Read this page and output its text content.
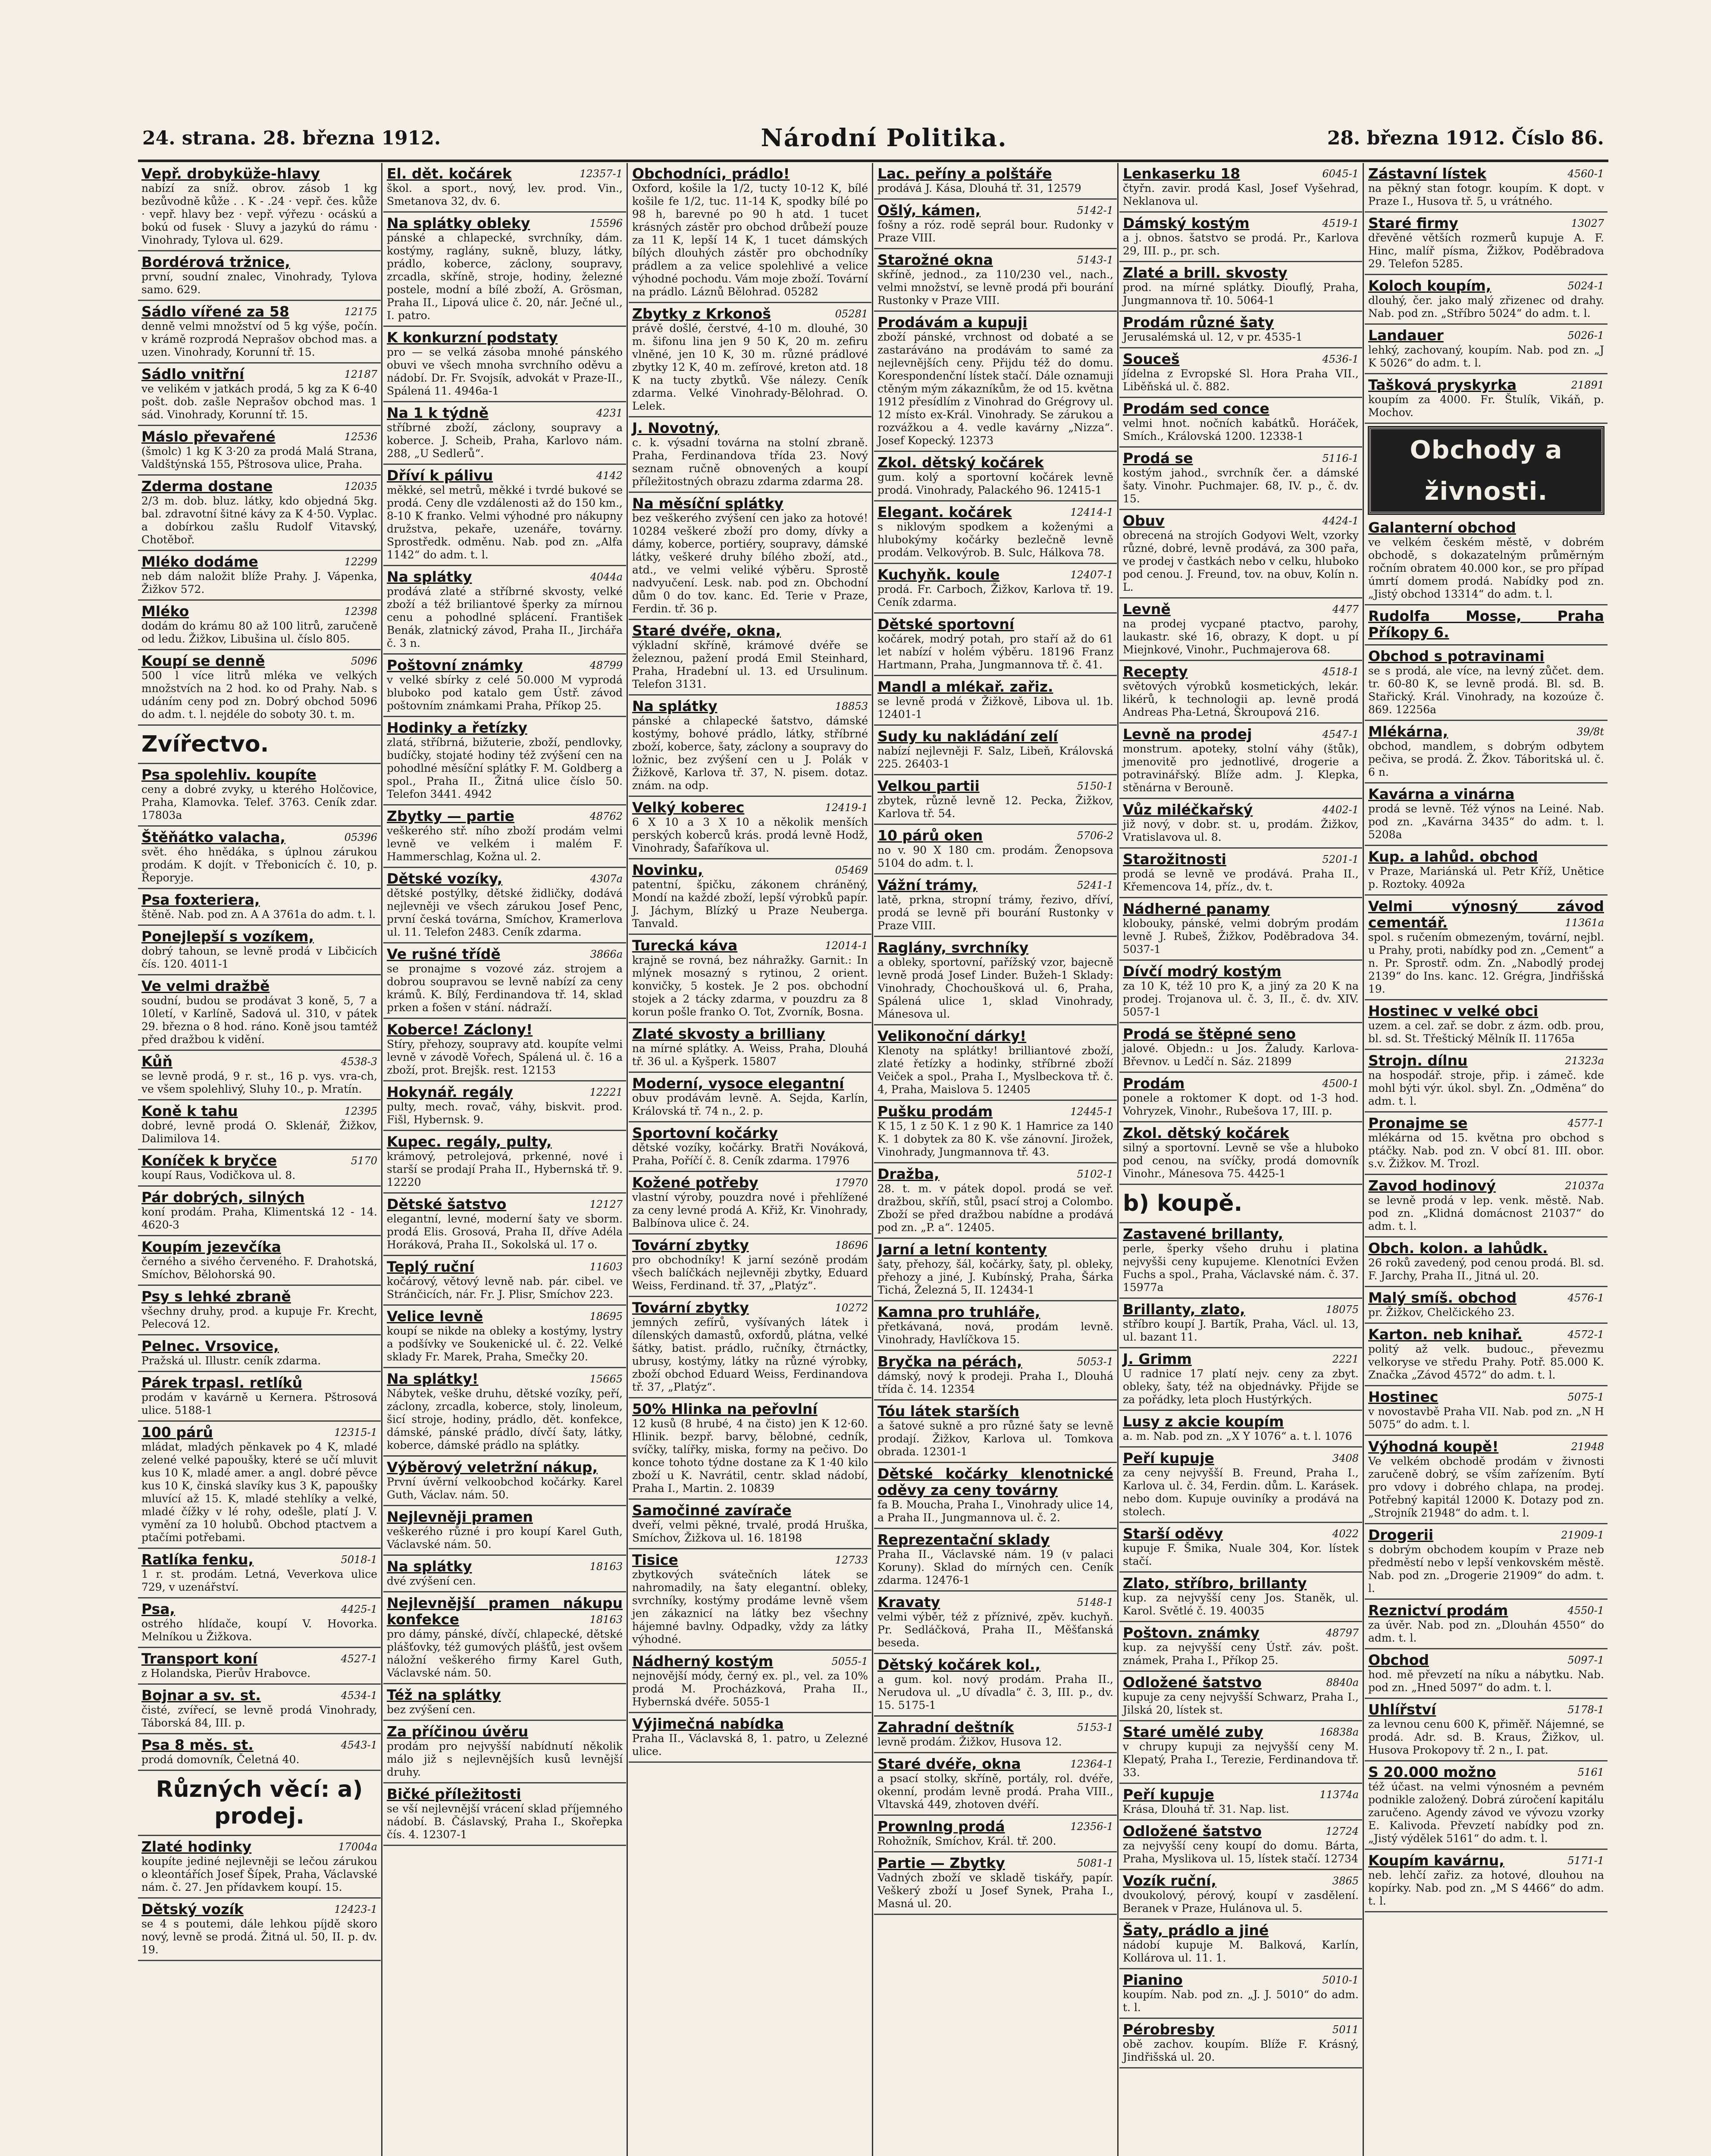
24. strana. 28. března 1912.	Národní Politika.	28. března 1912. Číslo 86.
Vepř. drobyküže-hlavy
nabízí za sníž. obrov. zásob 1 kg bezůvodně kůže . . K - .24 · vepř. čes. kůže · vepř. hlavy bez · vepř. výřezu · ocáskú a bokú od fusek · Sluvy a jazykú do rámu · Vinohrady, Tylova ul. 629.
Bordérová tržnice,
první, soudní znalec, Vinohrady, Tylova samo. 629.
Sádlo vířené za 58	12175
denně velmi množství od 5 kg výše, počín. v krámě rozprodá Neprašov obchod mas. a uzen. Vinohrady, Korunní tř. 15.
Sádlo vnitřní	12187
ve velikém v jatkách prodá, 5 kg za K 6-40 pošt. dob. zašle Neprašov obchod mas. 1 sád. Vinohrady, Korunní tř. 15.
Máslo převařené	12536
(šmolc) 1 kg K 3·20 za prodá Malá Strana, Valdštýnská 155, Pštrosova ulice, Praha.
Zderma dostane	12035
2/3 m. dob. bluz. látky, kdo objedná 5kg. bal. zdravotní šitné kávy za K 4·50. Vyplac. a dobírkou zašlu Rudolf Vitavský, Chotěboř.
Mléko dodáme	12299
neb dám naložit blíže Prahy. J. Vápenka, Žižkov 572.
Mléko	12398
dodám do krámu 80 až 100 litrů, zaručeně od ledu. Žižkov, Libušina ul. číslo 805.
Koupí se denně	5096
500 l více litrů mléka ve velkých množstvích na 2 hod. ko od Prahy. Nab. s udáním ceny pod zn. Dobrý obchod 5096 do adm. t. l. nejdéle do soboty 30. t. m.
Zvířectvo.
Psa spolehliv. koupíte
ceny a dobré zvyky, u kterého Holčovice, Praha, Klamovka. Telef. 3763. Ceník zdar. 17803a
Štěňátko valacha,	05396
svět. ého hnědáka, s úplnou zárukou prodám. K dojít. v Třebonicích č. 10, p. Řeporyje.
Psa foxteriera,
štěně. Nab. pod zn. A A 3761a do adm. t. l.
Ponejlepší s vozíkem,
dobrý tahoun, se levně prodá v Libčicích čís. 120. 4011-1
Ve velmi dražbě
soudní, budou se prodávat 3 koně, 5, 7 a 10letí, v Karlíně, Sadová ul. 310, v pátek 29. března o 8 hod. ráno. Koně jsou tamtéž před dražbou k vidění.
Kůň	4538-3
se levně prodá, 9 r. st., 16 p. vys. vra-ch, ve všem spolehlivý, Sluhy 10., p. Mratín.
Koně k tahu	12395
dobré, levně prodá O. Sklenář, Žižkov, Dalimilova 14.
Koníček k bryčce	5170
koupí Raus, Vodičkova ul. 8.
Pár dobrých, silných
koní prodám. Praha, Klimentská 12 - 14. 4620-3
Koupím jezevčíka
černého a sivého červeného. F. Drahotská, Smíchov, Bělohorská 90.
Psy s lehké zbraně
všechny druhy, prod. a kupuje Fr. Krecht, Pelecová 12.
Pelnec. Vrsovice,
Pražská ul. Illustr. ceník zdarma.
Párek trpasl. retlíků
prodám v kavárně u Kernera. Pštrosová ulice. 5188-1
100 párů	12315-1
mládat, mladých pěnkavek po 4 K, mladé zelené velké papoušky, které se učí mluvit kus 10 K, mladé amer. a angl. dobré pěvce kus 10 K, činská slavíky kus 3 K, papoušky mluvící až 15. K, mladé stehlíky a velké, mladé čížky v lé rohy, odešle, platí J. V. vymění za 10 holubů. Obchod ptactvem a ptačími potřebami.
Ratlíka fenku,	5018-1
1 r. st. prodám. Letná, Veverkova ulice 729, v uzenářství.
Psa,	4425-1
ostrého hlídače, koupí V. Hovorka. Melníkou u Žižkova.
Transport koní	4527-1
z Holandska, Pierův Hrabovce.
Bojnar a sv. st.	4534-1
čisté, zvířecí, se levně prodá Vinohrady, Táborská 84, III. p.
Psa 8 měs. st.	4543-1
prodá domovník, Čeletná 40.
Různých věcí: a) prodej.
Zlaté hodinky	17004a
koupíte jediné nejlevněji se lečou zárukou o kleontářích Josef Šípek, Praha, Václavské nám. č. 27. Jen přídavkem koupí. 15.
Dětský vozík	12423-1
se 4 s poutemi, dále lehkou píjdě skoro nový, levně se prodá. Žitná ul. 50, II. p. dv. 19.
El. dět. kočárek	12357-1
škol. a sport., nový, lev. prod. Vin., Smetanova 32, dv. 6.
Na splátky obleky	15596
pánské a chlapecké, svrchníky, dám. kostýmy, raglány, sukně, bluzy, látky, prádlo, koberce, záclony, soupravy, zrcadla, skříně, stroje, hodiny, železné postele, modní a bílé zboží, A. Grösman, Praha II., Lipová ulice č. 20, nár. Ječné ul., I. patro.
K konkurzní podstaty
pro — se velká zásoba mnohé pánského obuvi ve všech mnoha svrchního oděvu a nádobí. Dr. Fr. Svojsík, advokát v Praze-II., Spálená 11. 4946a-1
Na 1 k týdně	4231
stříbrné zboží, záclony, soupravy a koberce. J. Scheib, Praha, Karlovo nám. 288, „U Sedlerů“.
Dříví k pálivu	4142
měkké, sel metrů, měkké i tvrdé bukové se prodá. Ceny dle vzdálenosti až do 150 km., 8-10 K franko. Velmi výhodné pro nákupny družstva, pekaře, uzenáře, továrny. Sprostředk. odměnu. Nab. pod zn. „Alfa 1142“ do adm. t. l.
Na splátky	4044a
prodává zlaté a stříbrné skvosty, velké zboží a též briliantové šperky za mírnou cenu a pohodlné splácení. František Benák, zlatnický závod, Praha II., Jirchářa č. 3 n.
Poštovní známky	48799
v velké sbírky z celé 50.000 M vyprodá bluboko pod katalo gem Ústř. závod poštovním známkami Praha, Příkop 25.
Hodinky a řetízky
zlatá, stříbrná, bižuterie, zboží, pendlovky, budíčky, stojaté hodiny též zvýšení cen na pohodlné měsíční splátky F. M. Goldberg a spol., Praha II., Žitná ulice číslo 50. Telefon 3441. 4942
Zbytky — partie	48762
veškerého stř. ního zboží prodám velmi levně ve velkém i malém F. Hammerschlag, Kožna ul. 2.
Dětské vozíky,	4307a
dětské postýlky, dětské židličky, dodává nejlevněji ve všech zárukou Josef Penc, první česká továrna, Smíchov, Kramerlova ul. 11. Telefon 2483. Ceník zdarma.
Ve rušné třídě	3866a
se pronajme s vozové záz. strojem a dobrou soupravou se levně nabízí za ceny krámů. K. Bílý, Ferdinandova tř. 14, sklad prken a fošen v stání. nádraží.
Koberce! Záclony!
Stíry, přehozy, soupravy atd. koupíte velmi levně v závodě Vořech, Spálená ul. č. 16 a zboží, prot. Brejšk. rest. 12153
Hokynář. regály	12221
pulty, mech. rovač, váhy, biskvit. prod. Fišl, Hybernsk. 9.
Kupec. regály, pulty,
krámový, petrolejová, prkenné, nové i starší se prodají Praha II., Hybernská tř. 9. 12220
Dětské šatstvo	12127
elegantní, levné, moderní šaty ve sborm. prodá Elis. Grosová, Praha II, dříve Adéla Horáková, Praha II., Sokolská ul. 17 o.
Teplý ruční	11603
kočárový, větový levně nab. pár. cibel. ve Stránčicích, nár. Fr. J. Plisr, Smíchov 223.
Velice levně	18695
koupí se nikde na obleky a kostýmy, lystry a podšívky ve Soukenické ul. č. 22. Velké sklady Fr. Marek, Praha, Smečky 20.
Na splátky!	15665
Nábytek, veške druhu, dětské vozíky, peří, záclony, zrcadla, koberce, stoly, linoleum, šicí stroje, hodiny, prádlo, dět. konfekce, dámské, pánské prádlo, dívčí šaty, látky, koberce, dámské prádlo na splátky.
Výběrový veletržní nákup,
První úvěrní velkoobchod kočárky. Karel Guth, Václav. nám. 50.
Nejlevněji pramen
veškerého různé i pro koupí Karel Guth, Václavské nám. 50.
Na splátky	18163
dvé zvýšení cen.
Nejlevnější pramen nákupu konfekce	18163
pro dámy, pánské, dívčí, chlapecké, dětské plášťovky, též gumových plášťů, jest ovšem náložní veškerého firmy Karel Guth, Václavské nám. 50.
Též na splátky
bez zvýšení cen.
Za příčinou úvěru
prodám pro nejvyšší nabídnutí několik málo již s nejlevnějších kusů levnější druhy.
Bičké příležitosti
se vší nejlevnější vrácení sklad příjemného nádobí. B. Čáslavský, Praha I., Skořepka čís. 4. 12307-1
Obchodníci, prádlo!
Oxford, košile la 1/2, tucty 10-12 K, bílé košile fe 1/2, tuc. 11-14 K, spodky bílé po 98 h, barevné po 90 h atd. 1 tucet krásných zástěr pro obchod drůbeží pouze za 11 K, lepší 14 K, 1 tucet dámských bílých dlouhých zástěr pro obchodníky prádlem a za velice spolehlivé a velice výhodné pochodu. Vám moje zboží. Tovární na prádlo. Láznů Bělohrad. 05282
Zbytky z Krkonoš	05281
právě došlé, čerstvé, 4-10 m. dlouhé, 30 m. šifonu lina jen 9 50 K, 20 m. zefiru vlněné, jen 10 K, 30 m. různé prádlové zbytky 12 K, 40 m. zefírové, kreton atd. 18 K na tucty zbytků. Vše nálezy. Ceník zdarma. Velké Vinohrady-Bělohrad. O. Lelek.
J. Novotný,
c. k. výsadní továrna na stolní zbraně. Praha, Ferdinandova třída 23. Nový seznam ručně obnovených a koupí příležitostných obrazu zdarma zdarma 28.
Na měsíční splátky
bez veškerého zvýšení cen jako za hotové! 10284 veškeré zboží pro domy, dívky a dámy, koberce, portiéry, soupravy, dámské látky, veškeré druhy bílého zboží, atd., atd., ve velmi veliké výběru. Sprostě nadvyučení. Lesk. nab. pod zn. Obchodní dům 0 do tov. kanc. Ed. Terie v Praze, Ferdin. tř. 36 p.
Staré dvéře, okna,
výkladní skříně, krámové dvéře se železnou, pažení prodá Emil Steinhard, Praha, Hradební ul. 13. ed Ursulinum. Telefon 3131.
Na splátky	18853
pánské a chlapecké šatstvo, dámské kostýmy, bohové prádlo, látky, stříbrné zboží, koberce, šaty, záclony a soupravy do ložnic, bez zvýšení cen u J. Polák v Žižkově, Karlova tř. 37, N. pisem. dotaz. znám. na odp.
Velký koberec	12419-1
6 X 10 a 3 X 10 a několik menších perských koberců krás. prodá levně Hodž, Vinohrady, Šafaříkova ul.
Novinku,	05469
patentní, špičku, zákonem chráněný, Mondí na každé zboží, lepší výrobků papír. J. Jáchym, Blízký u Praze Neuberga. Tanvald.
Turecká káva	12014-1
krajně se rovná, bez náhražky. Garnit.: In mlýnek mosazný s rytinou, 2 orient. konvičky, 5 kostek. Je 2 pos. obchodní stojek a 2 tácky zdarma, v pouzdru za 8 korun pošle franko O. Tot, Zvorník, Bosna.
Zlaté skvosty a brilliany
na mírné splátky. A. Weiss, Praha, Dlouhá tř. 36 ul. a Kyšperk. 15807
Moderní, vysoce elegantní
obuv prodávám levně. A. Sejda, Karlín, Královská tř. 74 n., 2. p.
Sportovní kočárky
dětské vozíky, kočárky. Bratři Nováková, Praha, Poříčí č. 8. Ceník zdarma. 17976
Kožené potřeby	17970
vlastní výroby, pouzdra nové i přehlížené za ceny levné prodá A. Křiž, Kr. Vinohrady, Balbínova ulice č. 24.
Tovární zbytky	18696
pro obchodníky! K jarní sezóně prodám všech balíčkách nejlevněji zbytky, Eduard Weiss, Ferdinand. tř. 37, „Platýz“.
Tovární zbytky	10272
jemných zefírů, vyšívaných látek i dílenských damastů, oxfordů, plátna, velké šátky, batist. prádlo, ručníky, čtrnáctky, ubrusy, kostýmy, látky na různé výrobky, zboží obchod Eduard Weiss, Ferdinandova tř. 37, „Platýz“.
50% Hlinka na peřovlní
12 kusů (8 hrubé, 4 na čisto) jen K 12·60. Hlinik. bezpř. barvy, bělobné, cedník, svíčky, talířky, miska, formy na pečivo. Do konce tohoto týdne dostane za K 1·40 kilo zboží u K. Navrátil, centr. sklad nádobí, Praha I., Martin. 2. 10839
Samočinné zavírače
dveří, velmi pěkné, trvalé, prodá Hruška, Smíchov, Žižkova ul. 16. 18198
Tisice	12733
zbytkových svátečních látek se nahromadily, na šaty elegantní. obleky, svrchníky, kostýmy prodáme levně všem jen zákaznicí na látky bez všechny hájemné bavlny. Odpadky, vždy za látky výhodné.
Nádherný kostým	5055-1
nejnovější módy, černý ex. pl., vel. za 10% prodá M. Procházková, Praha II., Hybernská dvéře. 5055-1
Výjimečná nabídka
Praha II., Václavská 8, 1. patro, u Zelezné ulice.
Lac. peříny a polštáře
prodává J. Kása, Dlouhá tř. 31, 12579
Ošlý, kámen,	5142-1
fošny a róz. rodě seprál bour. Rudonky v Praze VIII.
Starožné okna	5143-1
skříně, jednod., za 110/230 vel., nach., velmi množství, se levně prodá při bourání Rustonky v Praze VIII.
Prodávám a kupuji
zboží pánské, vrchnost od dobaté a se zastaráváno na prodávám to samé za nejlevnějších ceny. Přijdu též do domu. Korespondenční lístek stačí. Dále oznamuji ctěným mým zákazníkům, že od 15. května 1912 přesídlím z Vinohrad do Grégrovy ul. 12 místo ex-Král. Vinohrady. Se zárukou a rozvážkou a 4. vedle kavárny „Nizza“. Josef Kopecký. 12373
Zkol. dětský kočárek
gum. kolý a sportovní kočárek levně prodá. Vinohrady, Palackého 96. 12415-1
Elegant. kočárek	12414-1
s niklovým spodkem a koženými a hlubokýmy kočárky bezlečně levně prodám. Velkovýrob. B. Sulc, Hálkova 78.
Kuchyňk. koule	12407-1
prodá. Fr. Carboch, Žižkov, Karlova tř. 19. Ceník zdarma.
Dětské sportovní
kočárek, modrý potah, pro staří až do 61 let nabízí v holém výběru. 18196 Franz Hartmann, Praha, Jungmannova tř. č. 41.
Mandl a mlékař. zařiz.
se levně prodá v Žižkově, Libova ul. 1b. 12401-1
Sudy ku nakládání zelí
nabízí nejlevněji F. Salz, Libeň, Královská 225. 26403-1
Velkou partii	5150-1
zbytek, různě levně 12. Pecka, Žižkov, Karlova tř. 54.
10 párů oken	5706-2
no v. 90 X 180 cm. prodám. Ženopsova 5104 do adm. t. l.
Vážní trámy,	5241-1
latě, prkna, stropní trámy, řezivo, dříví, prodá se levně při bourání Rustonky v Praze VIII.
Raglány, svrchníky
a obleky, sportovní, pařížský vzor, bajecně levně prodá Josef Linder. Bužeh-1 Sklady: Vinohrady, Chochoušková ul. 6, Praha, Spálená ulice 1, sklad Vinohrady, Mánesova ul.
Velikonoční dárky!
Klenoty na splátky! brilliantové zboží, zlaté řetízky a hodinky, stříbrné zboží Veiček a spol., Praha I., Myslbeckova tř. č. 4, Praha, Maislova 5. 12405
Pušku prodám	12445-1
K 15, 1 z 50 K. 1 z 90 K. 1 Hamrice za 140 K. 1 dobytek za 80 K. vše zánovní. Jirožek, Vinohrady, Jungmannova tř. 43.
Dražba,	5102-1
28. t. m. v pátek dopol. prodá se veř. dražbou, skříň, stůl, psací stroj a Colombo. Zboží se před dražbou nabídne a prodává pod zn. „P. a“. 12405.
Jarní a letní kontenty
šaty, přehozy, šál, kočárky, šaty, pl. obleky, přehozy a jiné, J. Kubínský, Praha, Šárka Tichá, Železná 5, II. 12434-1
Kamna pro truhláře,
přetkávaná, nová, prodám levně. Vinohrady, Havlíčkova 15.
Bryčka na pérách,	5053-1
dámský, nový k prodeji. Praha I., Dlouhá třída č. 14. 12354
Tóu látek starších
a šatové sukně a pro různé šaty se levně prodají. Žižkov, Karlova ul. Tomkova obrada. 12301-1
Dětské kočárky klenotnické oděvy za ceny továrny
fa B. Moucha, Praha I., Vinohrady ulice 14, a Praha II., Jungmannova ul. č. 2.
Reprezentační sklady
Praha II., Václavské nám. 19 (v palaci Koruny). Sklad do mírných cen. Ceník zdarma. 12476-1
Kravaty	5148-1
velmi výběr, též z příznivé, zpěv. kuchyň. Pr. Sedláčková, Praha II., Měšťanská beseda.
Dětský kočárek kol.,
a gum. kol. nový prodám. Praha II., Nerudova ul. „U dívadla“ č. 3, III. p., dv. 15. 5175-1
Zahradní deštník	5153-1
levně prodám. Žižkov, Husova 12.
Staré dvéře, okna	12364-1
a psací stolky, skříně, portály, rol. dvéře, okenní, prodám levně prodá. Praha VIII., Vltavská 449, zhotoven dvéří.
Prownlng prodá	12356-1
Rohožník, Smíchov, Král. tř. 200.
Partie — Zbytky	5081-1
Vadných zboží ve skladě tiskářy, papír. Veškerý zboží u Josef Synek, Praha I., Masná ul. 20.
Lenkaserku 18	6045-1
čtyřn. zavir. prodá Kasl, Josef Vyšehrad, Neklanova ul.
Dámský kostým	4519-1
a j. obnos. šatstvo se prodá. Pr., Karlova 29, III. p., pr. sch.
Zlaté a brill. skvosty
prod. na mírné splátky. Diouflý, Praha, Jungmannova tř. 10. 5064-1
Prodám různé šaty
Jerusalémská ul. 12, v pr. 4535-1
Souceš	4536-1
jídelna z Evropské Sl. Hora Praha VII., Liběňská ul. č. 882.
Prodám sed conce
velmi hnot. nočních kabátků. Horáček, Smích., Královská 1200. 12338-1
Prodá se	5116-1
kostým jahod., svrchník čer. a dámské šaty. Vinohr. Puchmajer. 68, IV. p., č. dv. 15.
Obuv	4424-1
obrecená na strojích Godyovi Welt, vzorky různé, dobré, levně prodává, za 300 pařa, ve prodej v častkách nebo v celku, hluboko pod cenou. J. Freund, tov. na obuv, Kolín n. L.
Levně	4477
na prodej vycpané ptactvo, parohy, laukastr. ské 16, obrazy, K dopt. u pí Miejnkové, Vinohr., Puchmajerova 68.
Recepty	4518-1
světových výrobků kosmetických, lekár. likérů, k technologii ap. levně prodá Andreas Pha-Letná, Škroupová 216.
Levně na prodej	4547-1
monstrum. apoteky, stolní váhy (štůk), jmenovitě pro jednotlivé, drogerie a potravinářský. Blíže adm. J. Klepka, stěnárna v Berouně.
Vůz miléčkařský	4402-1
již nový, v dobr. st. u, prodám. Žižkov, Vratislavova ul. 8.
Starožitnosti	5201-1
prodá se levně ve prodává. Praha II., Křemencova 14, příz., dv. t.
Nádherné panamy
klobouky, pánské, velmi dobrým prodám levně J. Rubeš, Žižkov, Poděbradova 34. 5037-1
Dívčí modrý kostým
za 10 K, též 10 pro K, a jiný za 20 K na prodej. Trojanova ul. č. 3, II., č. dv. XIV. 5057-1
Prodá se štěpné seno
jalové. Objedn.: u Jos. Žaludy. Karlova-Břevnov. u Ledčí n. Sáz. 21899
Prodám	4500-1
ponele a roktomer K dopt. od 1-3 hod. Vohryzek, Vinohr., Rubešova 17, III. p.
Zkol. dětský kočárek
silný a sportovní. Levně se vše a hluboko pod cenou, na svíčky, prodá domovník Vinohr., Mánesova 75. 4425-1
b) koupě.
Zastavené brillanty,
perle, šperky všeho druhu i platina nejvyšši ceny kupujeme. Klenotníci Evžen Fuchs a spol., Praha, Václavské nám. č. 37. 15977a
Brillanty, zlato,	18075
stříbro koupí J. Bartík, Praha, Václ. ul. 13, ul. bazant 11.
J. Grimm	2221
U radnice 17 platí nejv. ceny za zbyt. obleky, šaty, též na objednávky. Přijde se za pořádky, leta ploch Hustýrkých.
Lusy z akcie koupím
a. m. Nab. pod zn. „X Y 1076“ a. t. l. 1076
Peří kupuje	3408
za ceny nejvyšší B. Freund, Praha I., Karlova ul. č. 34, Ferdin. dům. L. Karásek. nebo dom. Kupuje ouviníky a prodává na stolech.
Starší oděvy	4022
kupuje F. Šmika, Nuale 304, Kor. lístek stačí.
Zlato, stříbro, brillanty
kup. za nejvyšší ceny Jos. Staněk, ul. Karol. Světlé č. 19. 40035
Poštovn. známky	48797
kup. za nejvyšší ceny Ústř. záv. pošt. známek, Praha I., Příkop 25.
Odložené šatstvo	8840a
kupuje za ceny nejvyšší Schwarz, Praha I., Jilská 20, lístek st.
Staré umělé zuby	16838a
v chrupy kupuji za nejvyšší ceny M. Klepatý, Praha I., Terezie, Ferdinandova tř. 33.
Peří kupuje	11374a
Krása, Dlouhá tř. 31. Nap. list.
Odložené šatstvo	12724
za nejvyšší ceny koupí do domu. Bárta, Praha, Myslikova ul. 15, lístek stačí. 12734
Vozík ruční,	3865
dvoukolový, pérový, koupí v zasdělení. Beranek v Praze, Hulánova ul. 5.
Šaty, prádlo a jiné
nádobí kupuje M. Balková, Karlín, Kollárova ul. 11. 1.
Pianino	5010-1
koupím. Nab. pod zn. „J. J. 5010“ do adm. t. l.
Pérobresby	5011
obě zachov. koupím. Blíže F. Krásný, Jindřišská ul. 20.
Zástavní lístek	4560-1
na pěkný stan fotogr. koupím. K dopt. v Praze I., Husova tř. 5, u vrátného.
Staré firmy	13027
dřevěné větších rozmerů kupuje A. F. Hinc, malíř písma, Žižkov, Poděbradova 29. Telefon 5285.
Koloch koupím,	5024-1
dlouhý, čer. jako malý zřizenec od drahy. Nab. pod zn. „Stříbro 5024“ do adm. t. l.
Landauer	5026-1
lehký, zachovaný, koupím. Nab. pod zn. „J K 5026“ do adm. t. l.
Tašková pryskyrka	21891
koupím za 4000. Fr. Štulík, Vikáň, p. Mochov.
Obchody a živnosti.
Galanterní obchod
ve velkém českém městě, v dobrém obchodě, s dokazatelným průměrným ročním obratem 40.000 kor., se pro případ úmrtí domem prodá. Nabídky pod zn. „Jistý obchod 13314“ do adm. t. l.
Rudolfa Mosse, Praha Příkopy 6.
Obchod s potravinami
se s prodá, ale více, na levný zůčet. dem. tr. 60-80 K, se levně prodá. Bl. sd. B. Stařický. Král. Vinohrady, na kozoúze č. 869. 12256a
Mlékárna,	39/8t
obchod, mandlem, s dobrým odbytem pečiva, se prodá. Ž. Žkov. Táboritská ul. č. 6 n.
Kavárna a vinárna
prodá se levně. Též výnos na Leiné. Nab. pod zn. „Kavárna 3435“ do adm. t. l. 5208a
Kup. a lahůd. obchod
v Praze, Mariánská ul. Petr Kříž, Unětice p. Roztoky. 4092a
Velmi výnosný závod cementář.	11361a
spol. s ručením obmezeným, tovární, nejbl. u Prahy, proti, nabídky pod zn. „Cement“ a n. Pr. Sprostř. odm. Zn. „Nabodlý prodej 2139“ do Ins. kanc. 12. Grégra, Jindřišská 19.
Hostinec v velké obci
uzem. a cel. zař. se dobr. z ázm. odb. prou, bl. sd. St. Třeštický Mělník II. 11765a
Strojn. dílnu	21323a
na hospodář. stroje, přip. i zámeč. kde mohl býti výr. úkol. sbyl. Zn. „Odměna“ do adm. t. l.
Pronajme se	4577-1
mlékárna od 15. května pro obchod s ptáčky. Nab. pod zn. V obcí 81. III. obor. s.v. Žižkov. M. Trozl.
Zavod hodinový	21037a
se levně prodá v lep. venk. městě. Nab. pod zn. „Klidná domácnost 21037“ do adm. t. l.
Obch. kolon. a lahůdk.
26 roků zavedený, pod cenou prodá. Bl. sd. F. Jarchy, Praha II., Jitná ul. 20.
Malý smíš. obchod	4576-1
pr. Žižkov, Chelčického 23.
Karton. neb knihař.	4572-1
politý až velk. budouc., převezmu velkoryse ve středu Prahy. Potř. 85.000 K. Značka „Závod 4572“ do adm. t. l.
Hostinec	5075-1
v novostavbě Praha VII. Nab. pod zn. „N H 5075“ do adm. t. l.
Výhodná koupě!	21948
Ve velkém obchodě prodám v živnosti zaručeně dobrý, se vším zařízením. Bytí pro vdovy i dobrého chlapa, na prodej. Potřebný kapitál 12000 K. Dotazy pod zn. „Strojník 21948“ do adm. t. l.
Drogerii	21909-1
s dobrým obchodem koupím v Praze neb předměstí nebo v lepší venkovském městě. Nab. pod zn. „Drogerie 21909“ do adm. t. l.
Reznictví prodám	4550-1
za úvěr. Nab. pod zn. „Dlouhán 4550“ do adm. t. l.
Obchod	5097-1
hod. mě převzetí na níku a nábytku. Nab. pod zn. „Hned 5097“ do adm. t. l.
Uhlířství	5178-1
za levnou cenu 600 K, přiměř. Nájemné, se prodá. Adr. sd. B. Kraus, Žižkov, ul. Husova Prokopovy tř. 2 n., I. pat.
S 20.000 možno	5161
též účast. na velmi výnosném a pevném podnikle založený. Dobrá zúročení kapitálu zaručeno. Agendy závod ve vývozu vzorky E. Kalivoda. Převzetí nabídky pod zn. „Jistý výdělek 5161“ do adm. t. l.
Koupím kavárnu,	5171-1
neb. lehčí zařiz. za hotové, dlouhou na kopírky. Nab. pod zn. „M S 4466“ do adm. t. l.
